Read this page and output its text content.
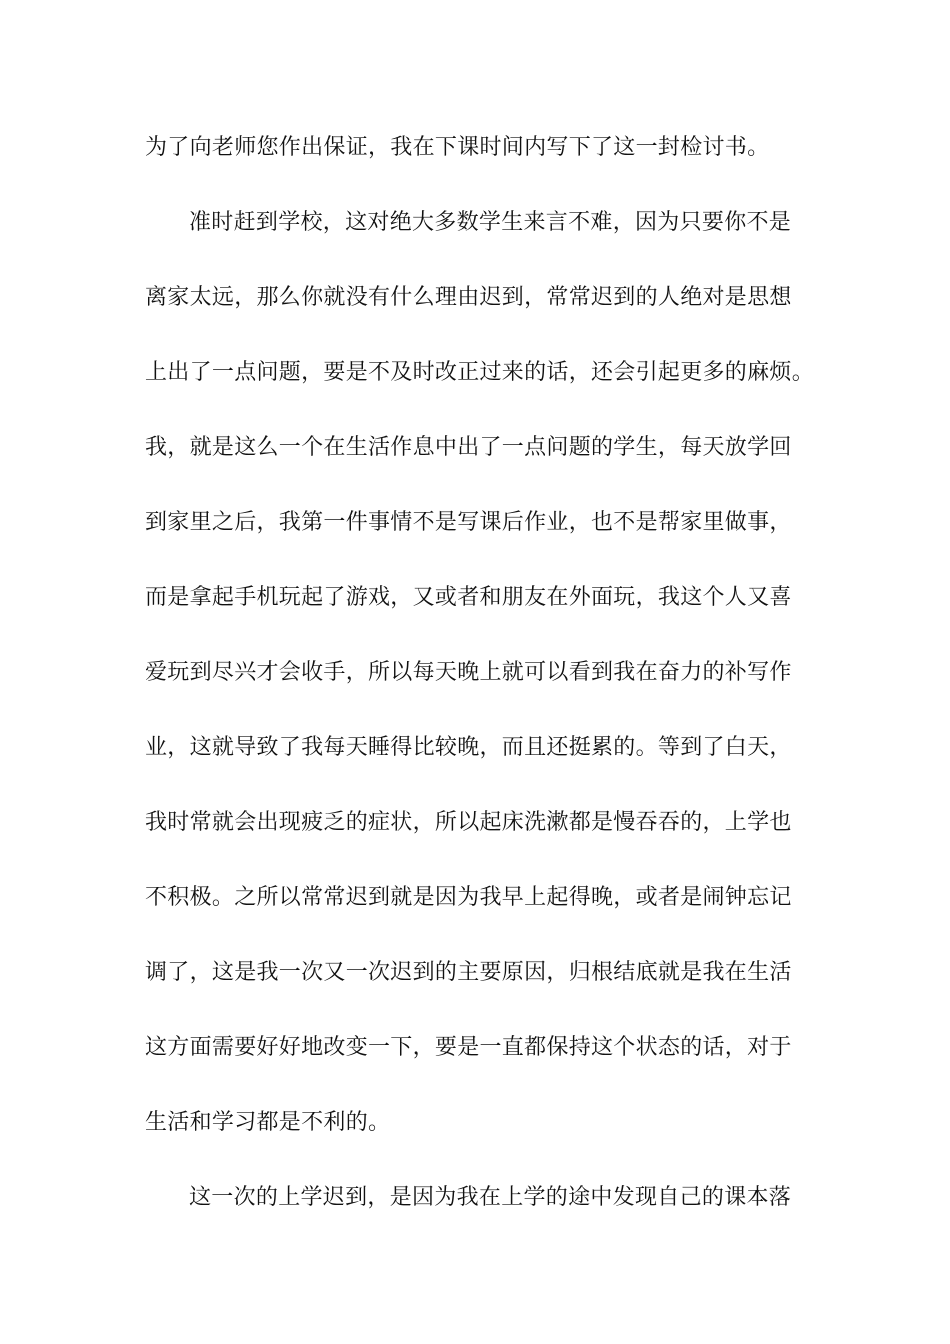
为了向老师您作出保证，我在下课时间内写下了这一封检讨书。
准时赶到学校，这对绝大多数学生来言不难，因为只要你不是
离家太远，那么你就没有什么理由迟到，常常迟到的人绝对是思想
上出了一点问题，要是不及时改正过来的话，还会引起更多的麻烦。
我，就是这么一个在生活作息中出了一点问题的学生，每天放学回
到家里之后，我第一件事情不是写课后作业，也不是帮家里做事，
而是拿起手机玩起了游戏，又或者和朋友在外面玩，我这个人又喜
爱玩到尽兴才会收手，所以每天晚上就可以看到我在奋力的补写作
业，这就导致了我每天睡得比较晚，而且还挺累的。等到了白天，
我时常就会出现疲乏的症状，所以起床洗漱都是慢吞吞的，上学也
不积极。之所以常常迟到就是因为我早上起得晚，或者是闹钟忘记
调了，这是我一次又一次迟到的主要原因，归根结底就是我在生活
这方面需要好好地改变一下，要是一直都保持这个状态的话，对于
生活和学习都是不利的。
这一次的上学迟到，是因为我在上学的途中发现自己的课本落
